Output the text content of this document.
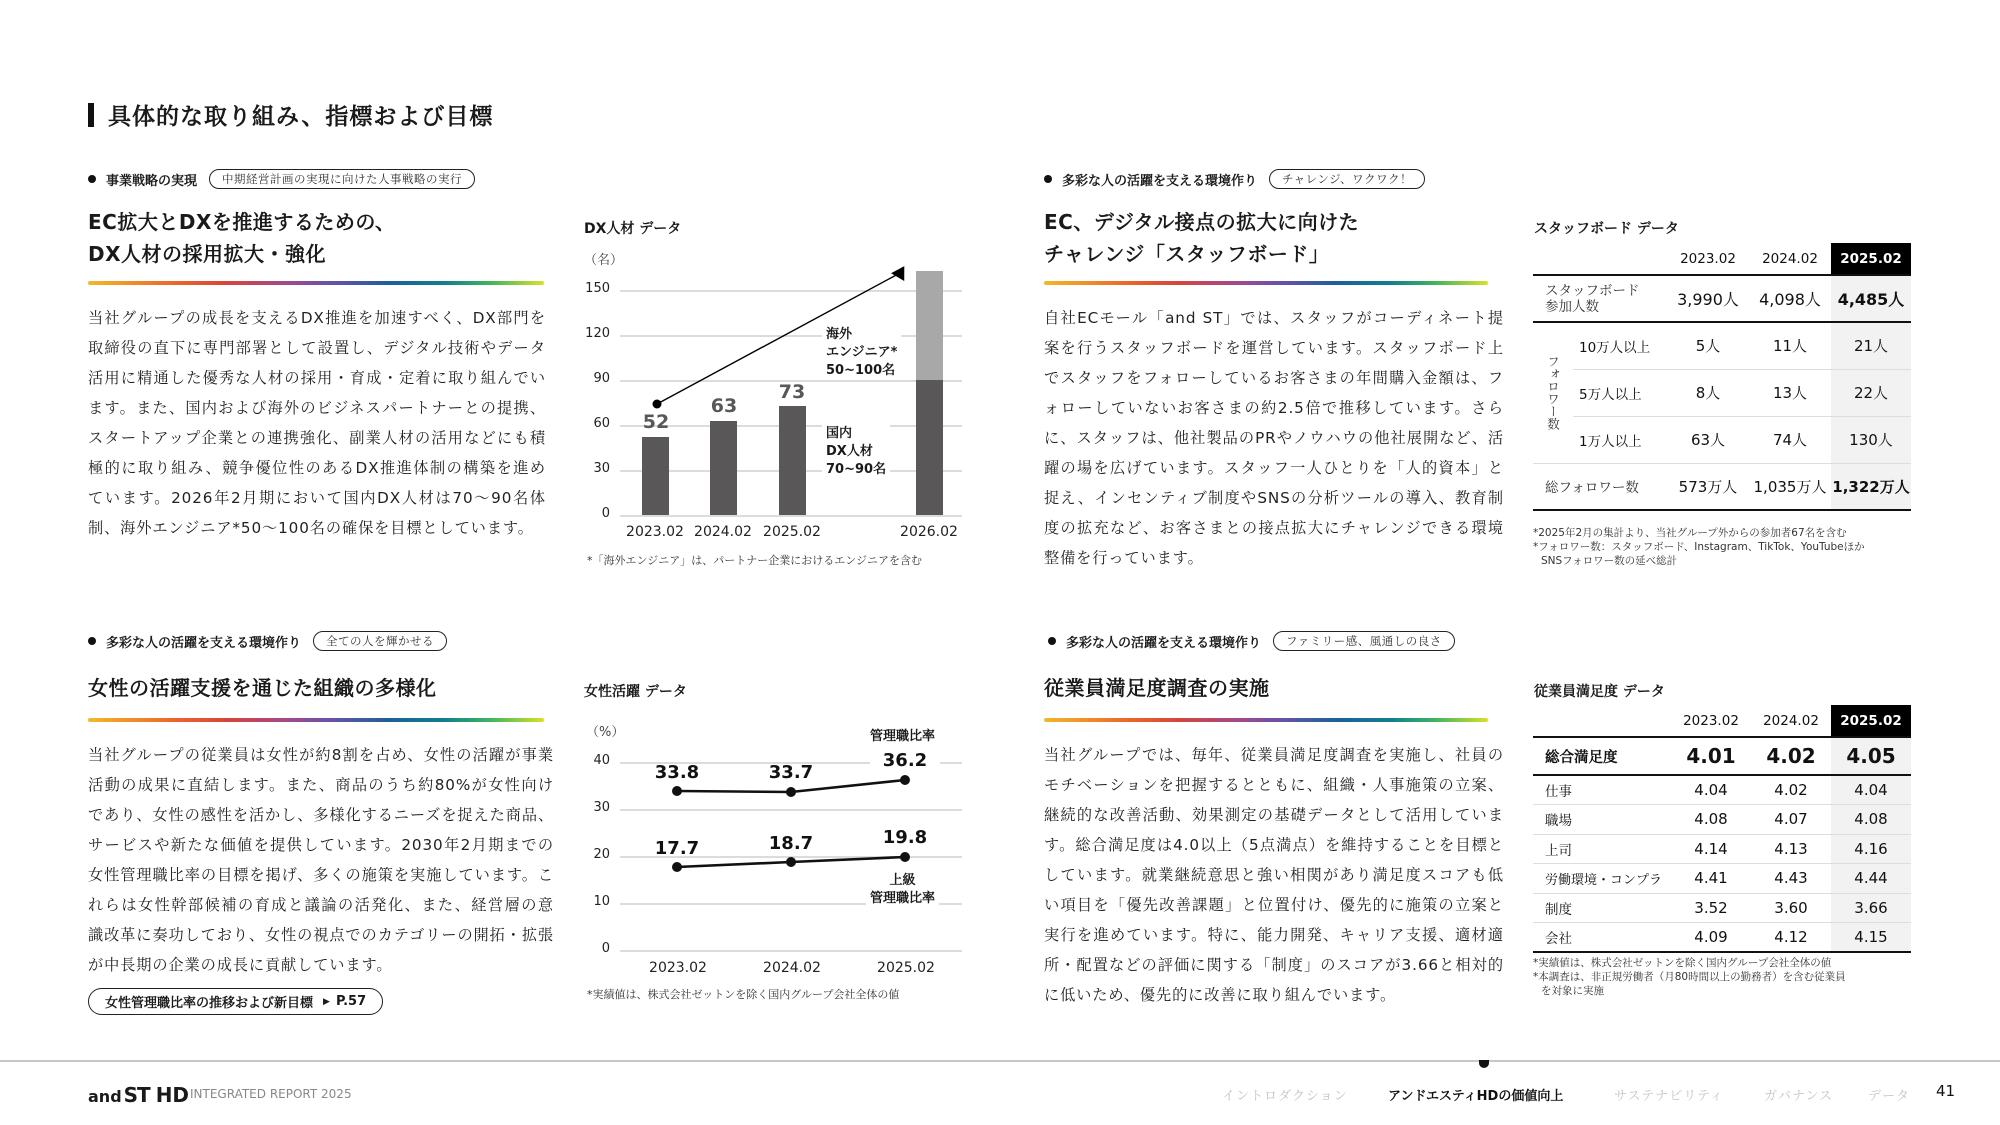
具体的な取り組み、指標および目標
事業戦略の実現	中期経営計画の実現に向けた人事戦略の実行
EC拡大とDXを推進するための、
DX人材の採用拡大・強化
当社グループの成長を支えるDX推進を加速すべく、DX部門を取締役の直下に専門部署として設置し、デジタル技術やデータ活用に精通した優秀な人材の採用・育成・定着に取り組んでいます。また、国内および海外のビジネスパートナーとの提携、スタートアップ企業との連携強化、副業人材の活用などにも積極的に取り組み、競争優位性のあるDX推進体制の構築を進めています。2026年2月期において国内DX人材は70〜90名体制、海外エンジニア*50〜100名の確保を目標としています。
DX人材 データ
（名）
150
120
90
60
30
0
52
63
73
海外
エンジニア*
50~100名
国内
DX人材
70~90名
2023.02 2024.02 2025.02	2026.02
*「海外エンジニア」は、パートナー企業におけるエンジニアを含む
多彩な人の活躍を支える環境作り	チャレンジ、ワクワク！
EC、デジタル接点の拡大に向けた
チャレンジ「スタッフボード」
自社ECモール「and ST」では、スタッフがコーディネート提案を行うスタッフボードを運営しています。スタッフボード上でスタッフをフォローしているお客さまの年間購入金額は、フォローしていないお客さまの約2.5倍で推移しています。さらに、スタッフは、他社製品のPRやノウハウの他社展開など、活躍の場を広げています。スタッフ一人ひとりを「人的資本」と捉え、インセンティブ制度やSNSの分析ツールの導入、教育制度の拡充など、お客さまとの接点拡大にチャレンジできる環境整備を行っています。
スタッフボード データ
		2023.02	2024.02	2025.02

スタッフボード
参加人数		3,990人	4,098人	4,485人
フォロワー数	10万人以上	5人	11人	21人
	5万人以上	8人	13人	22人
	1万人以上	63人	74人	130人
総フォロワー数		573万人	1,035万人	1,322万人
*2025年2月の集計より、当社グループ外からの参加者67名を含む
*フォロワー数：スタッフボード、Instagram、TikTok、YouTubeほか
SNSフォロワー数の延べ総計
多彩な人の活躍を支える環境作り	全ての人を輝かせる
女性の活躍支援を通じた組織の多様化
当社グループの従業員は女性が約8割を占め、女性の活躍が事業活動の成果に直結します。また、商品のうち約80%が女性向けであり、女性の感性を活かし、多様化するニーズを捉えた商品、サービスや新たな価値を提供しています。2030年2月期までの女性管理職比率の目標を掲げ、多くの施策を実施しています。これらは女性幹部候補の育成と議論の活発化、また、経営層の意識改革に奏功しており、女性の視点でのカテゴリーの開拓・拡張が中長期の企業の成長に貢献しています。
女性管理職比率の推移および新目標 ▶ P.57
女性活躍 データ
（%）
40
30
20
10
0
33.8	33.7
36.2
17.7	18.7	19.8
管理職比率
上級
管理職比率
2023.02	2024.02	2025.02
*実績値は、株式会社ゼットンを除く国内グループ会社全体の値
多彩な人の活躍を支える環境作り	ファミリー感、風通しの良さ
従業員満足度調査の実施
当社グループでは、毎年、従業員満足度調査を実施し、社員のモチベーションを把握するとともに、組織・人事施策の立案、継続的な改善活動、効果測定の基礎データとして活用しています。総合満足度は4.0以上（5点満点）を維持することを目標としています。就業継続意思と強い相関があり満足度スコアも低い項目を「優先改善課題」と位置付け、優先的に施策の立案と実行を進めています。特に、能力開発、キャリア支援、適材適所・配置などの評価に関する「制度」のスコアが3.66と相対的に低いため、優先的に改善に取り組んでいます。
従業員満足度 データ
	2023.02	2024.02	2025.02
総合満足度	4.01	4.02	4.05
仕事	4.04	4.02	4.04
職場	4.08	4.07	4.08
上司	4.14	4.13	4.16
労働環境・コンプラ	4.41	4.43	4.44
制度	3.52	3.60	3.66
会社	4.09	4.12	4.15
*実績値は、株式会社ゼットンを除く国内グループ会社全体の値
*本調査は、非正規労働者（月80時間以上の勤務者）を含む従業員
を対象に実施
and ST HD INTEGRATED REPORT 2025	イントロダクション	アンドエスティHDの価値向上	サステナビリティ	ガバナンス	データ 41
